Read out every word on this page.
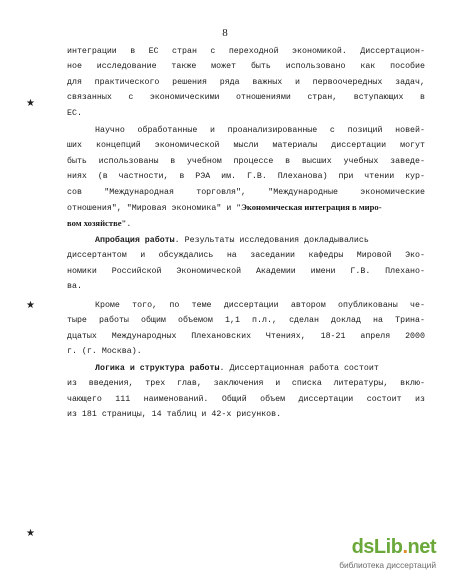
8
интеграции в ЕС стран с переходной экономикой. Диссертацион-
ное исследование также может быть использовано как пособие
для практического решения ряда важных и первоочередных задач,
связанных с экономическими отношениями стран, вступающих в
ЕС.
Научно обработанные и проанализированные с позиций новей-
ших концепций экономической мысли материалы диссертации могут
быть использованы в учебном процессе в высших учебных заведе-
ниях (в частности, в РЭА им. Г.В. Плеханова) при чтении кур-
сов "Международная торговля", "Международные экономические
отношения", "Мировая экономика" и "Экономическая интеграция в миро-
вом хозяйстве".
Апробация работы. Результаты исследования докладывались
диссертантом и обсуждались на заседании кафедры Мировой Эко-
номики Российской Экономической Академии имени Г.В. Плехано-
ва.
Кроме того, по теме диссертации автором опубликованы че-
тыре работы общим объемом 1,1 п.л., сделан доклад на Трина-
дцатых Международных Плехановских Чтениях, 18-21 апреля 2000
г. (г. Москва).
Логика и структура работы. Диссертационная работа состоит
из введения, трех глав, заключения и списка литературы, вклю-
чающего 111 наименований. Общий объем диссертации состоит из
из 181 страницы, 14 таблиц и 42-х рисунков.
★
★
★
dsLib.net
библиотека диссертаций
